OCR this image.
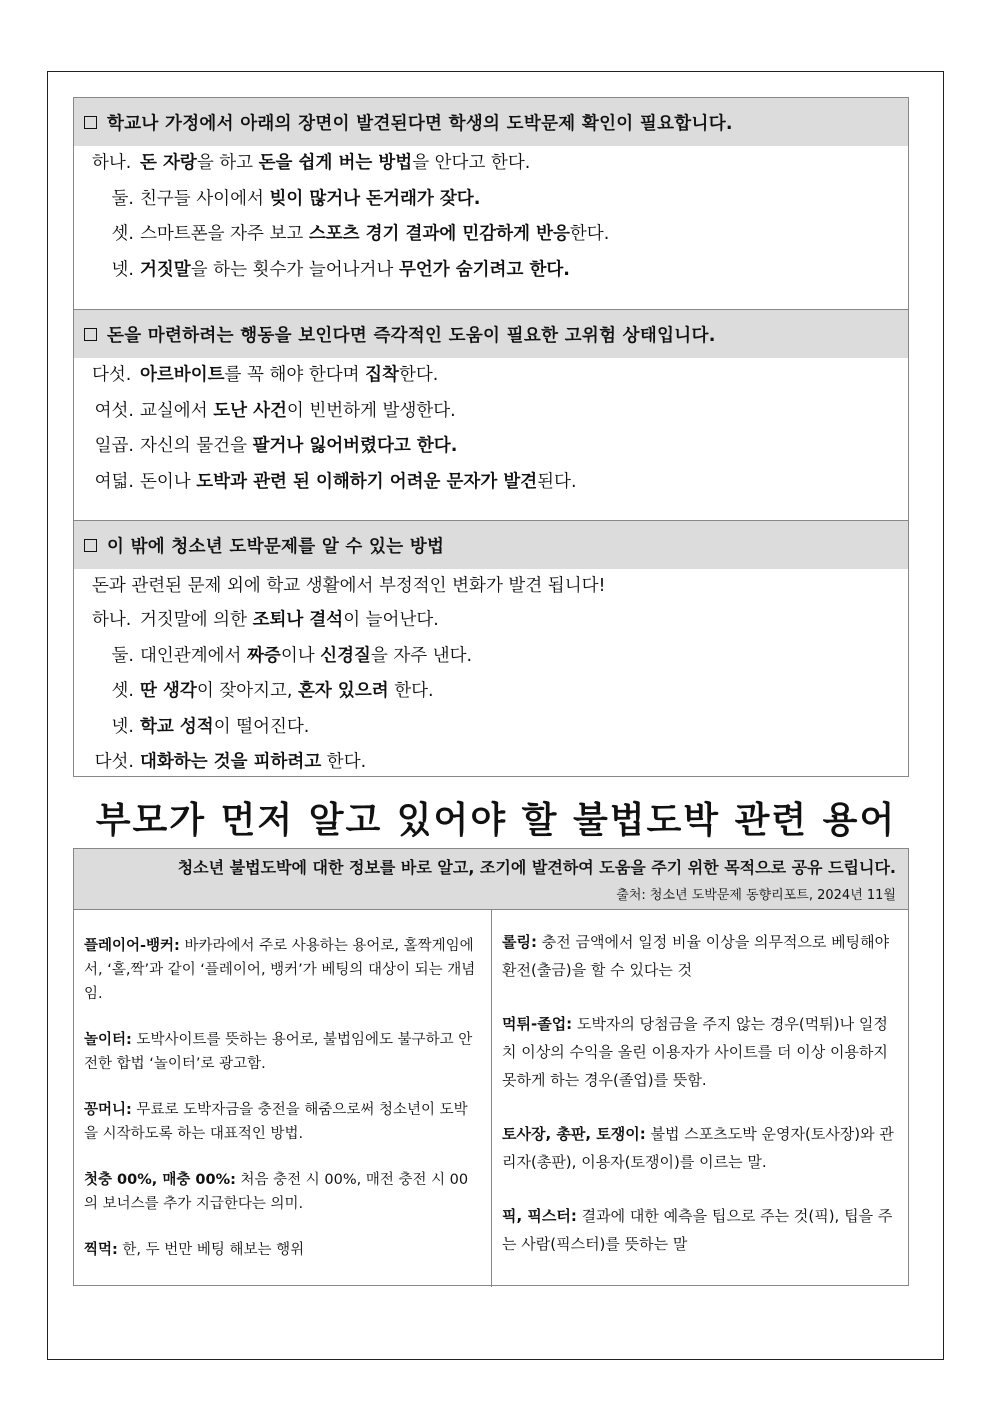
학교나 가정에서 아래의 장면이 발견된다면 학생의 도박문제 확인이 필요합니다.
하나. 돈 자랑을 하고 돈을 쉽게 버는 방법을 안다고 한다.
둘. 친구들 사이에서 빚이 많거나 돈거래가 잦다.
셋. 스마트폰을 자주 보고 스포츠 경기 결과에 민감하게 반응한다.
넷. 거짓말을 하는 횟수가 늘어나거나 무언가 숨기려고 한다.
돈을 마련하려는 행동을 보인다면 즉각적인 도움이 필요한 고위험 상태입니다.
다섯. 아르바이트를 꼭 해야 한다며 집착한다.
여섯. 교실에서 도난 사건이 빈번하게 발생한다.
일곱. 자신의 물건을 팔거나 잃어버렸다고 한다.
여덟. 돈이나 도박과 관련 된 이해하기 어려운 문자가 발견된다.
이 밖에 청소년 도박문제를 알 수 있는 방법
돈과 관련된 문제 외에 학교 생활에서 부정적인 변화가 발견 됩니다!
하나. 거짓말에 의한 조퇴나 결석이 늘어난다.
둘. 대인관계에서 짜증이나 신경질을 자주 낸다.
셋. 딴 생각이 잦아지고, 혼자 있으려 한다.
넷. 학교 성적이 떨어진다.
다섯. 대화하는 것을 피하려고 한다.
부모가 먼저 알고 있어야 할 불법도박 관련 용어
청소년 불법도박에 대한 정보를 바로 알고, 조기에 발견하여 도움을 주기 위한 목적으로 공유 드립니다.
출처: 청소년 도박문제 동향리포트, 2024년 11월
플레이어-뱅커: 바카라에서 주로 사용하는 용어로, 홀짝게임에서, ‘홀,짝’과 같이 ‘플레이어, 뱅커’가 베팅의 대상이 되는 개념임.
놀이터: 도박사이트를 뜻하는 용어로, 불법임에도 불구하고 안전한 합법 ‘놀이터’로 광고함.
꽁머니: 무료로 도박자금을 충전을 해줌으로써 청소년이 도박을 시작하도록 하는 대표적인 방법.
첫충 00%, 매충 00%: 처음 충전 시 00%, 매전 충전 시 00의 보너스를 추가 지급한다는 의미.
찍먹: 한, 두 번만 베팅 해보는 행위
롤링: 충전 금액에서 일정 비율 이상을 의무적으로 베팅해야 환전(출금)을 할 수 있다는 것
먹튀-졸업: 도박자의 당첨금을 주지 않는 경우(먹튀)나 일정 치 이상의 수익을 올린 이용자가 사이트를 더 이상 이용하지 못하게 하는 경우(졸업)를 뜻함.
토사장, 총판, 토쟁이: 불법 스포츠도박 운영자(토사장)와 관리자(총판), 이용자(토쟁이)를 이르는 말.
픽, 픽스터: 결과에 대한 예측을 팁으로 주는 것(픽), 팁을 주는 사람(픽스터)를 뜻하는 말
